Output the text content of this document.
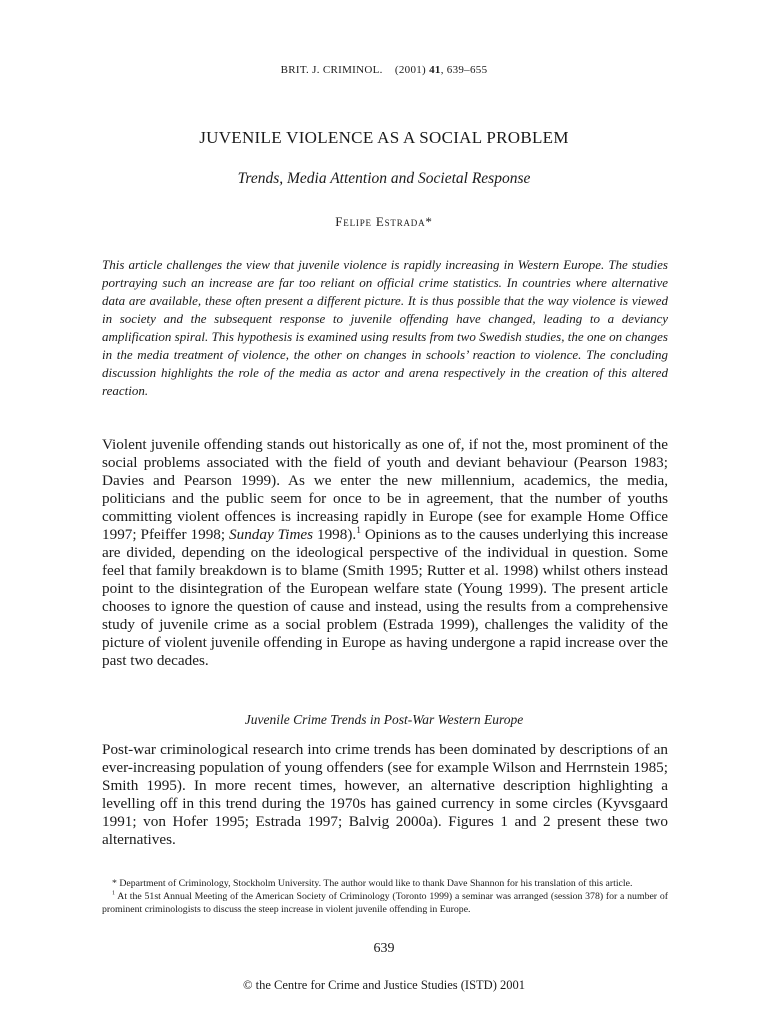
BRIT. J. CRIMINOL. (2001) 41, 639–655
JUVENILE VIOLENCE AS A SOCIAL PROBLEM
Trends, Media Attention and Societal Response
Felipe Estrada*

This article challenges the view that juvenile violence is rapidly increasing in Western Europe. The studies portraying such an increase are far too reliant on official crime statistics. In countries where alternative data are available, these often present a different picture. It is thus possible that the way violence is viewed in society and the subsequent response to juvenile offending have changed, leading to a deviancy amplification spiral. This hypothesis is examined using results from two Swedish studies, the one on changes in the media treatment of violence, the other on changes in schools’ reaction to violence. The concluding discussion highlights the role of the media as actor and arena respectively in the creation of this altered reaction.

Violent juvenile offending stands out historically as one of, if not the, most prominent of the social problems associated with the field of youth and deviant behaviour (Pearson 1983; Davies and Pearson 1999). As we enter the new millennium, academics, the media, politicians and the public seem for once to be in agreement, that the number of youths committing violent offences is increasing rapidly in Europe (see for example Home Office 1997; Pfeiffer 1998; Sunday Times 1998).$^1$ Opinions as to the causes underlying this increase are divided, depending on the ideological perspective of the individual in question. Some feel that family breakdown is to blame (Smith 1995; Rutter et al. 1998) whilst others instead point to the disintegration of the European welfare state (Young 1999). The present article chooses to ignore the question of cause and instead, using the results from a comprehensive study of juvenile crime as a social problem (Estrada 1999), challenges the validity of the picture of violent juvenile offending in Europe as having undergone a rapid increase over the past two decades.

Juvenile Crime Trends in Post-War Western Europe

Post-war criminological research into crime trends has been dominated by descriptions of an ever-increasing population of young offenders (see for example Wilson and Herrnstein 1985; Smith 1995). In more recent times, however, an alternative description highlighting a levelling off in this trend during the 1970s has gained currency in some circles (Kyvsgaard 1991; von Hofer 1995; Estrada 1997; Balvig 2000a). Figures 1 and 2 present these two alternatives.

* Department of Criminology, Stockholm University. The author would like to thank Dave Shannon for his translation of this article.

$^1$ At the 51st Annual Meeting of the American Society of Criminology (Toronto 1999) a seminar was arranged (session 378) for a number of prominent criminologists to discuss the steep increase in violent juvenile offending in Europe.

639
© the Centre for Crime and Justice Studies (ISTD) 2001
